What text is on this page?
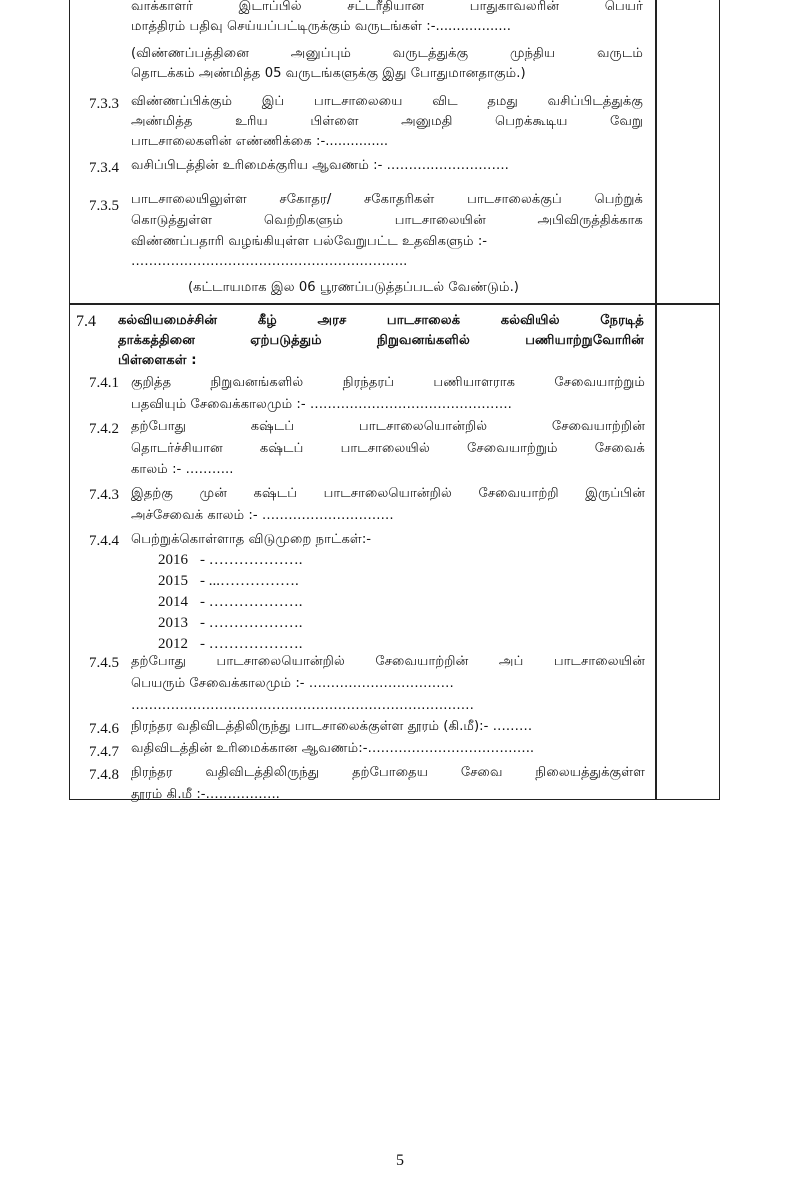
வாக்காளர் இடாப்பில் சட்டரீதியான பாதுகாவலரின் பெயர்
மாத்திரம் பதிவு செய்யப்பட்டிருக்கும் வருடங்கள் :-..................
(விண்ணப்பத்தினை அனுப்பும் வருடத்துக்கு முந்திய வருடம்
தொடக்கம் அண்மித்த 05 வருடங்களுக்கு இது போதுமானதாகும்.)
7.3.3 விண்ணப்பிக்கும் இப் பாடசாலையை விட தமது வசிப்பிடத்துக்கு
அண்மித்த உரிய பிள்ளை அனுமதி பெறக்கூடிய வேறு
பாடசாலைகளின் எண்ணிக்கை :-...............
7.3.4 வசிப்பிடத்தின் உரிமைக்குரிய ஆவணம் :- ………...…………….
7.3.5 பாடசாலையிலுள்ள சகோதர/ சகோதரிகள் பாடசாலைக்குப் பெற்றுக்
கொடுத்துள்ள வெற்றிகளும் பாடசாலையின் அபிவிருத்திக்காக
விண்ணப்பதாரி வழங்கியுள்ள பல்வேறுபட்ட உதவிகளும் :-
…………………………………………….………..
(கட்டாயமாக இல 06 பூரணப்படுத்தப்படல் வேண்டும்.)
7.4 கல்வியமைச்சின் கீழ் அரச பாடசாலைக் கல்வியில் நேரடித்
தாக்கத்தினை ஏற்படுத்தும் நிறுவனங்களில் பணியாற்றுவோரின்
பிள்ளைகள் :
7.4.1 குறித்த நிறுவனங்களில் நிரந்தரப் பணியாளராக சேவையாற்றும்
பதவியும் சேவைக்காலமும் :- ……………………………………….
7.4.2 தற்போது கஷ்டப் பாடசாலையொன்றில் சேவையாற்றின்
தொடர்ச்சியான கஷ்டப் பாடசாலையில் சேவையாற்றும் சேவைக்
காலம் :- ………..
7.4.3 இதற்கு முன் கஷ்டப் பாடசாலையொன்றில் சேவையாற்றி இருப்பின்
அச்சேவைக் காலம் :- …………………………
7.4.4 பெற்றுக்கொள்ளாத விடுமுறை நாட்கள்:-
2016 - ……………….
2015 - ...…………….
2014 - ……………….
2013 - ……………….
2012 - ……………….
7.4.5 தற்போது பாடசாலையொன்றில் சேவையாற்றின் அப் பாடசாலையின்
பெயரும் சேவைக்காலமும் :- ……………………………
……………………………………………………………………
7.4.6 நிரந்தர வதிவிடத்திலிருந்து பாடசாலைக்குள்ள தூரம் (கி.மீ):- ………
7.4.7 வதிவிடத்தின் உரிமைக்கான ஆவணம்:-………………………………..
7.4.8 நிரந்தர வதிவிடத்திலிருந்து தற்போதைய சேவை நிலையத்துக்குள்ள
தூரம் கி.மீ :-……………..
5
